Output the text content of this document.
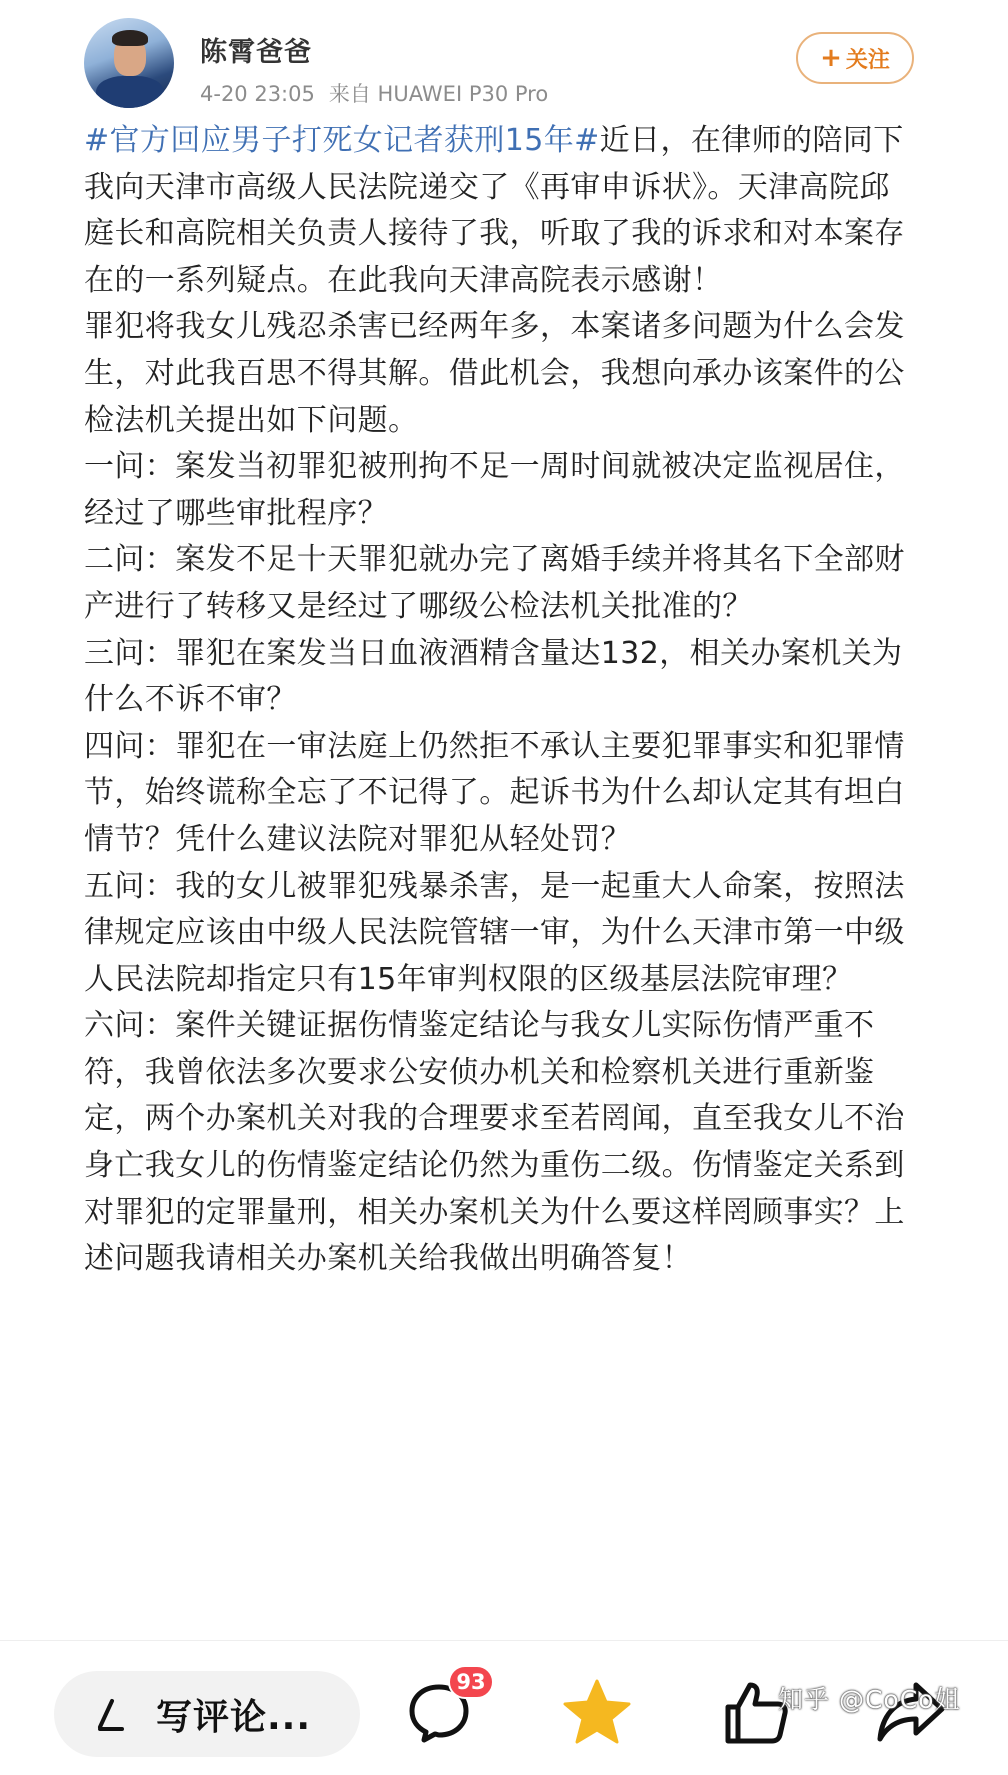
陈霄爸爸
4-20 23:05 来自 HUAWEI P30 Pro
+ 关注

#官方回应男子打死女记者获刑15年#近日，在律师的陪同下我向天津市高级人民法院递交了《再审申诉状》。天津高院邱庭长和高院相关负责人接待了我，听取了我的诉求和对本案存在的一系列疑点。在此我向天津高院表示感谢！

罪犯将我女儿残忍杀害已经两年多，本案诸多问题为什么会发生，对此我百思不得其解。借此机会，我想向承办该案件的公检法机关提出如下问题。

一问：案发当初罪犯被刑拘不足一周时间就被决定监视居住，经过了哪些审批程序？

二问：案发不足十天罪犯就办完了离婚手续并将其名下全部财产进行了转移又是经过了哪级公检法机关批准的？

三问：罪犯在案发当日血液酒精含量达132，相关办案机关为什么不诉不审？

四问：罪犯在一审法庭上仍然拒不承认主要犯罪事实和犯罪情节，始终谎称全忘了不记得了。起诉书为什么却认定其有坦白情节？凭什么建议法院对罪犯从轻处罚？

五问：我的女儿被罪犯残暴杀害，是一起重大人命案，按照法律规定应该由中级人民法院管辖一审，为什么天津市第一中级人民法院却指定只有15年审判权限的区级基层法院审理？

六问：案件关键证据伤情鉴定结论与我女儿实际伤情严重不符，我曾依法多次要求公安侦办机关和检察机关进行重新鉴定，两个办案机关对我的合理要求至若罔闻，直至我女儿不治身亡我女儿的伤情鉴定结论仍然为重伤二级。伤情鉴定关系到对罪犯的定罪量刑，相关办案机关为什么要这样罔顾事实？上述问题我请相关办案机关给我做出明确答复！

写评论...
93
知乎 @CoCo姐
